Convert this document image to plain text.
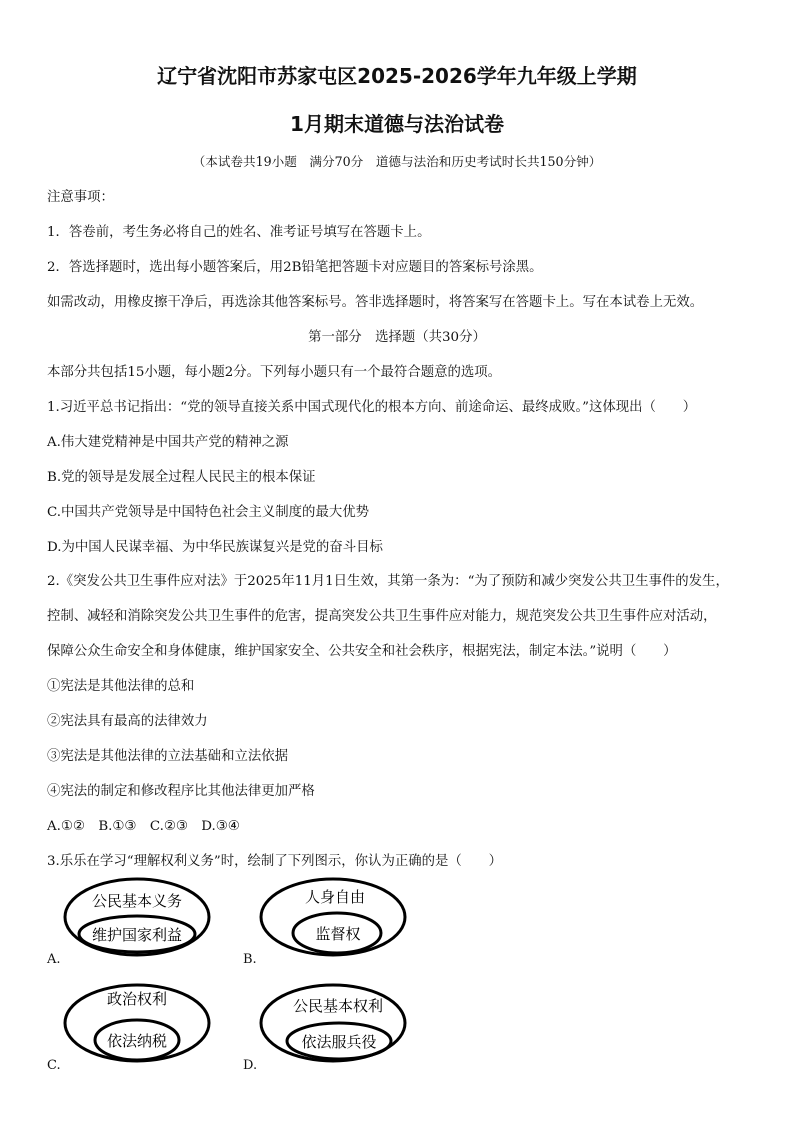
辽宁省沈阳市苏家屯区2025-2026学年九年级上学期
1月期末道德与法治试卷
（本试卷共19小题　满分70分　道德与法治和历史考试时长共150分钟）
注意事项：
1．答卷前，考生务必将自己的姓名、准考证号填写在答题卡上。
2．答选择题时，选出每小题答案后，用2B铅笔把答题卡对应题目的答案标号涂黑。
如需改动，用橡皮擦干净后，再选涂其他答案标号。答非选择题时，将答案写在答题卡上。写在本试卷上无效。
第一部分　选择题（共30分）
本部分共包括15小题，每小题2分。下列每小题只有一个最符合题意的选项。
1.习近平总书记指出：“党的领导直接关系中国式现代化的根本方向、前途命运、最终成败。”这体现出（　　）
A.伟大建党精神是中国共产党的精神之源
B.党的领导是发展全过程人民民主的根本保证
C.中国共产党领导是中国特色社会主义制度的最大优势
D.为中国人民谋幸福、为中华民族谋复兴是党的奋斗目标
2.《突发公共卫生事件应对法》于2025年11月1日生效，其第一条为：“为了预防和减少突发公共卫生事件的发生，
控制、减轻和消除突发公共卫生事件的危害，提高突发公共卫生事件应对能力，规范突发公共卫生事件应对活动，
保障公众生命安全和身体健康，维护国家安全、公共安全和社会秩序，根据宪法，制定本法。”说明（　　）
①宪法是其他法律的总和
②宪法具有最高的法律效力
③宪法是其他法律的立法基础和立法依据
④宪法的制定和修改程序比其他法律更加严格
A.①②　B.①③　C.②③　D.③④
3.乐乐在学习“理解权利义务”时，绘制了下列图示，你认为正确的是（　　）
公民基本义务
维护国家利益
A.
人身自由
监督权
B.
政治权利
依法纳税
C.
公民基本权利
依法服兵役
D.
